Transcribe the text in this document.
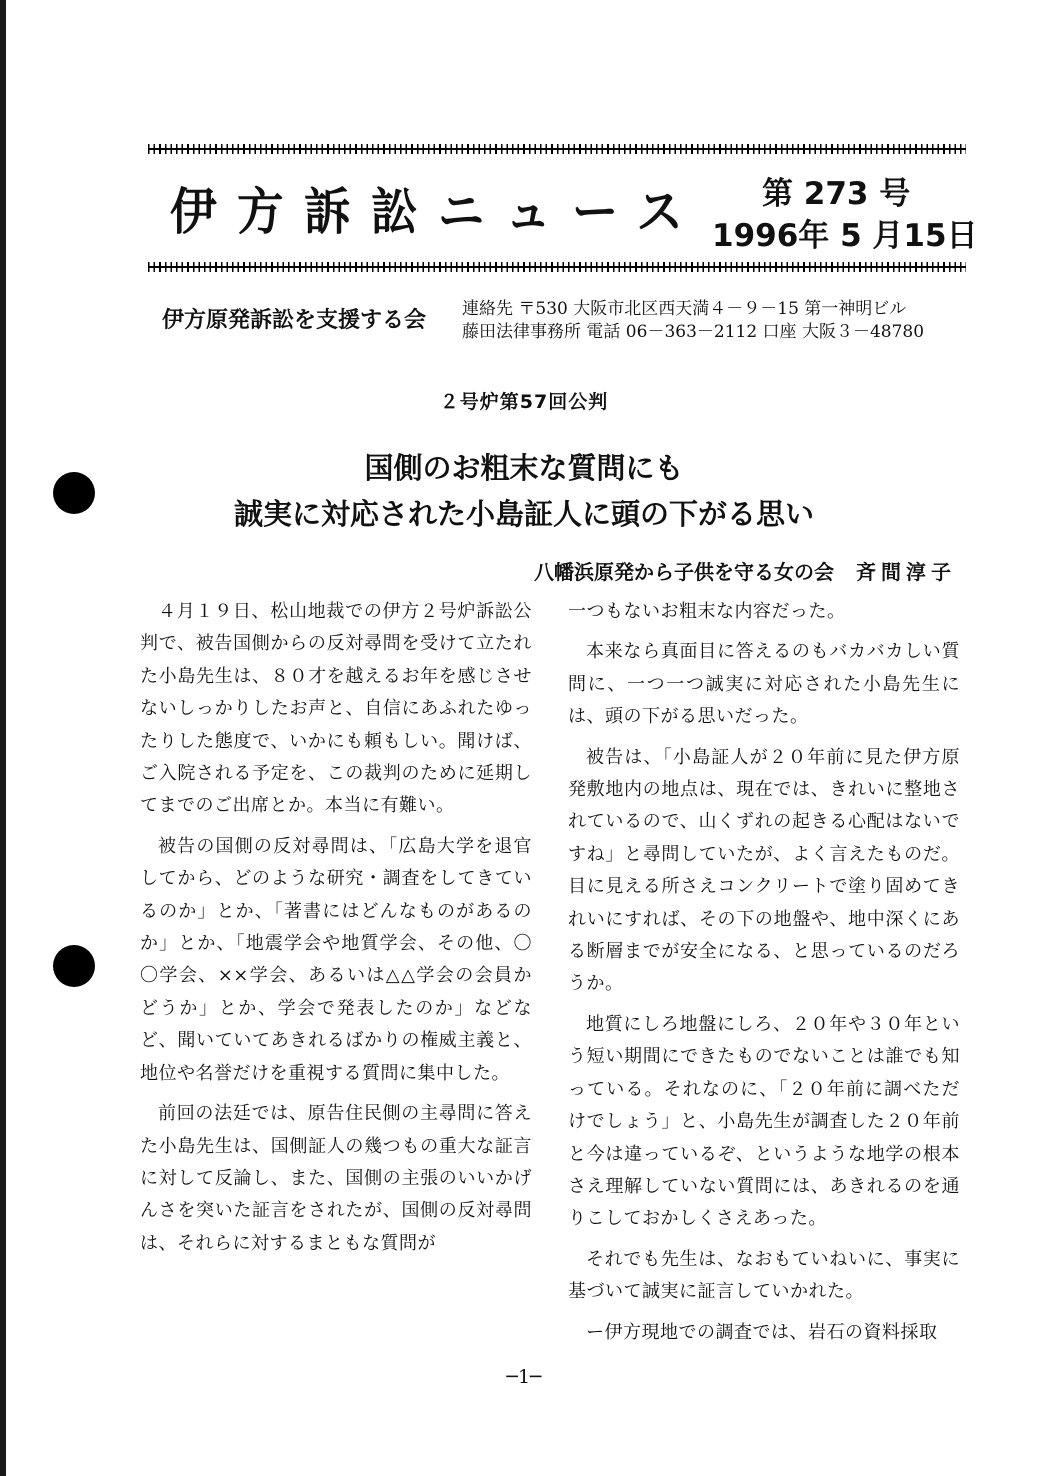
伊方訴訟ニュース 第 273 号
1996年 5 月15日
伊方原発訴訟を支援する会 連絡先 〒530 大阪市北区西天満４－９－15 第一神明ビル
藤田法律事務所 電話 06－363－2112 口座 大阪３－48780
２号炉第57回公判
国側のお粗末な質問にも
誠実に対応された小島証人に頭の下がる思い
八幡浜原発から子供を守る女の会 斉間淳子

４月１９日、松山地裁での伊方２号炉訴訟公判で、被告国側からの反対尋問を受けて立たれた小島先生は、８０才を越えるお年を感じさせないしっかりしたお声と、自信にあふれたゆったりした態度で、いかにも頼もしい。聞けば、ご入院される予定を、この裁判のために延期してまでのご出席とか。本当に有難い。

被告の国側の反対尋問は、「広島大学を退官してから、どのような研究・調査をしてきているのか」とか、「著書にはどんなものがあるのか」とか、「地震学会や地質学会、その他、〇〇学会、××学会、あるいは△△学会の会員かどうか」とか、学会で発表したのか」などなど、聞いていてあきれるばかりの権威主義と、地位や名誉だけを重視する質問に集中した。

前回の法廷では、原告住民側の主尋問に答えた小島先生は、国側証人の幾つもの重大な証言に対して反論し、また、国側の主張のいいかげんさを突いた証言をされたが、国側の反対尋問は、それらに対するまともな質問が

一つもないお粗末な内容だった。

本来なら真面目に答えるのもバカバカしい質問に、一つ一つ誠実に対応された小島先生には、頭の下がる思いだった。

被告は、「小島証人が２０年前に見た伊方原発敷地内の地点は、現在では、きれいに整地されているので、山くずれの起きる心配はないですね」と尋問していたが、よく言えたものだ。目に見える所さえコンクリートで塗り固めてきれいにすれば、その下の地盤や、地中深くにある断層までが安全になる、と思っているのだろうか。

地質にしろ地盤にしろ、２０年や３０年という短い期間にできたものでないことは誰でも知っている。それなのに、「２０年前に調べただけでしょう」と、小島先生が調査した２０年前と今は違っているぞ、というような地学の根本さえ理解していない質問には、あきれるのを通りこしておかしくさえあった。

それでも先生は、なおもていねいに、事実に基づいて誠実に証言していかれた。

ー伊方現地での調査では、岩石の資料採取

─1─
